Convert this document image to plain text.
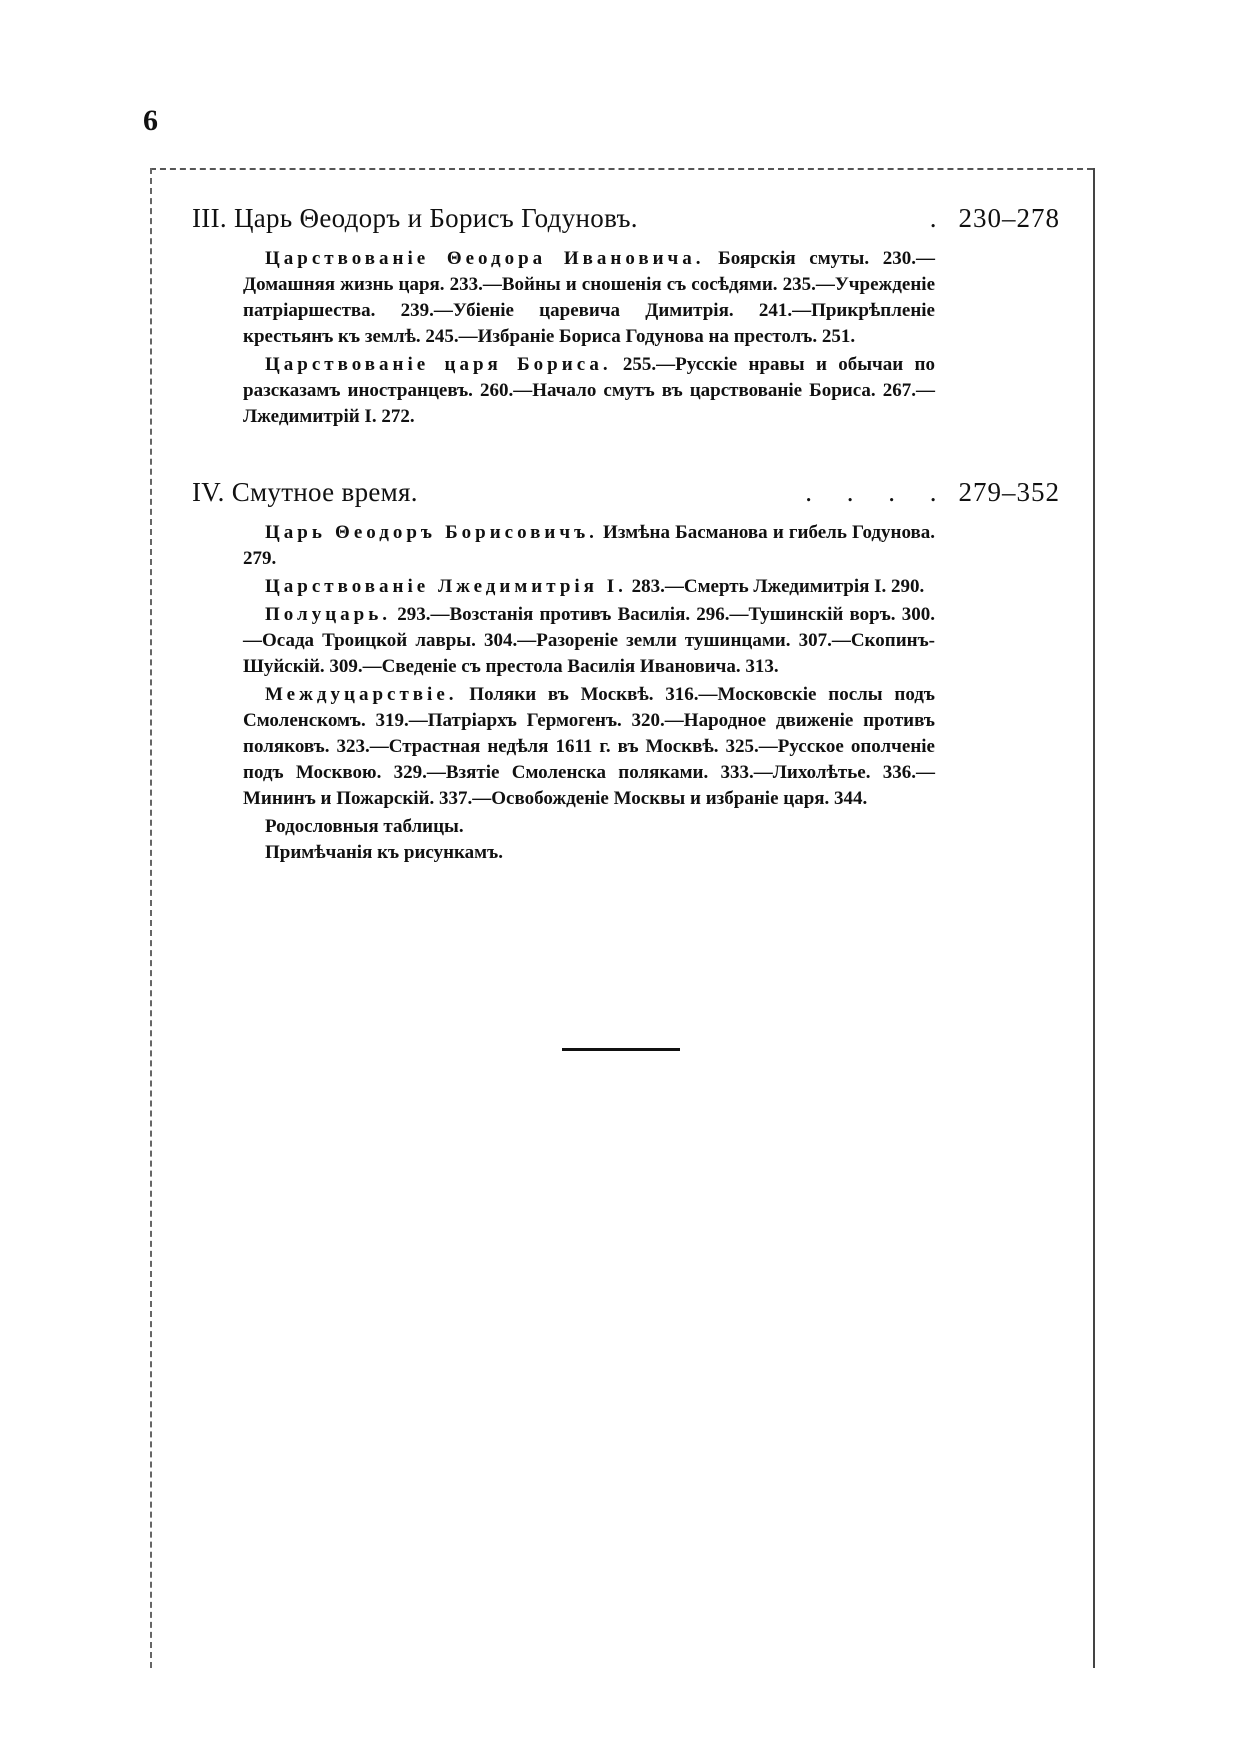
6
III. Царь Θеодоръ и Борисъ Годуновъ.	. 230–278

Царствованіе Θеодора Ивановича. Боярскія смуты. 230.—Домашняя жизнь царя. 233.—Войны и сношенія съ сосѣдями. 235.—Учрежденіе патріаршества. 239.—Убіеніе царевича Димитрія. 241.—Прикрѣпленіе крестьянъ къ землѣ. 245.—Избраніе Бориса Годунова на престолъ. 251.

Царствованіе царя Бориса. 255.—Русскіе нравы и обычаи по разсказамъ иностранцевъ. 260.—Начало смутъ въ царствованіе Бориса. 267.—Лжедимитрій I. 272.

IV. Смутное время.	. . . . 279–352

Царь Θеодоръ Борисовичъ. Измѣна Басманова и гибель Годунова. 279.

Царствованіе Лжедимитрія I. 283.—Смерть Лжедимитрія I. 290.

Полуцарь. 293.—Возстанія противъ Василія. 296.—Тушинскій воръ. 300.—Осада Троицкой лавры. 304.—Разореніе земли тушинцами. 307.—Скопинъ-Шуйскій. 309.—Сведеніе съ престола Василія Ивановича. 313.

Междуцарствіе. Поляки въ Москвѣ. 316.—Московскіе послы подъ Смоленскомъ. 319.—Патріархъ Гермогенъ. 320.—Народное движеніе противъ поляковъ. 323.—Страстная недѣля 1611 г. въ Москвѣ. 325.—Русское ополченіе подъ Москвою. 329.—Взятіе Смоленска поляками. 333.—Лихолѣтье. 336.—Мининъ и Пожарскій. 337.—Освобожденіе Москвы и избраніе царя. 344.

Родословныя таблицы.

Примѣчанія къ рисункамъ.
